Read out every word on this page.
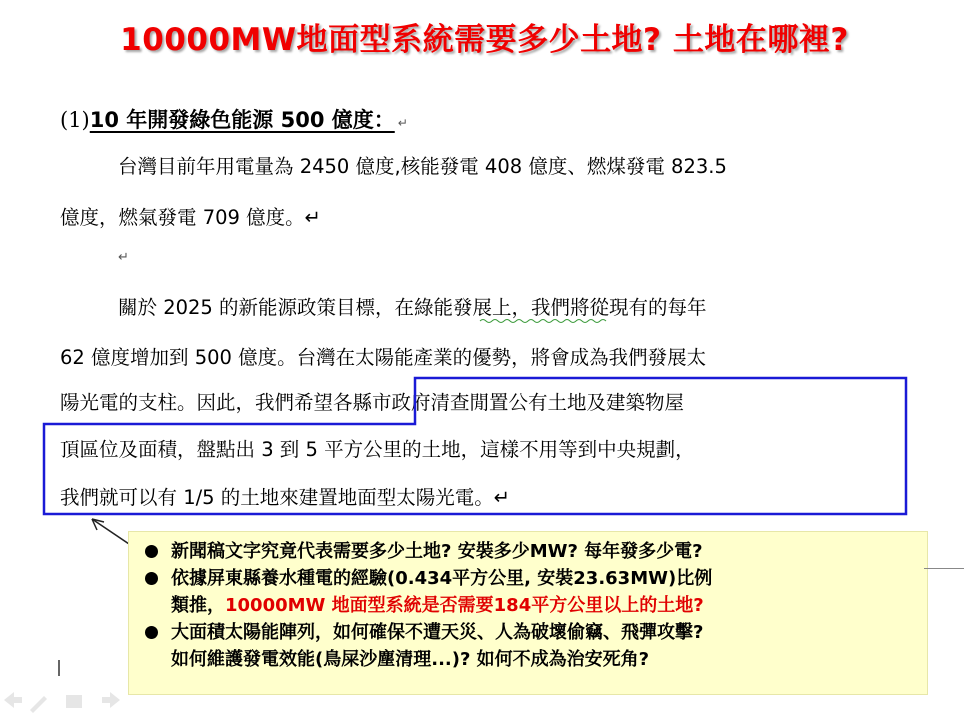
10000MW地面型系統需要多少土地? 土地在哪裡?
(1)10 年開發綠色能源 500 億度： ↵
台灣目前年用電量為 2450 億度,核能發電 408 億度、燃煤發電 823.5
億度，燃氣發電 709 億度。↵
↵
關於 2025 的新能源政策目標，在綠能發展上，我們將從現有的每年
62 億度增加到 500 億度。台灣在太陽能產業的優勢，將會成為我們發展太
陽光電的支柱。因此，我們希望各縣市政府清查閒置公有土地及建築物屋
頂區位及面積，盤點出 3 到 5 平方公里的土地，這樣不用等到中央規劃，
我們就可以有 1/5 的土地來建置地面型太陽光電。↵
新聞稿文字究竟代表需要多少土地? 安裝多少MW? 每年發多少電?
依據屏東縣養水種電的經驗(0.434平方公里, 安裝23.63MW)比例
類推，10000MW 地面型系統是否需要184平方公里以上的土地?
大面積太陽能陣列，如何確保不遭天災、人為破壞偷竊、飛彈攻擊?
如何維護發電效能(鳥屎沙塵清理...)? 如何不成為治安死角?
